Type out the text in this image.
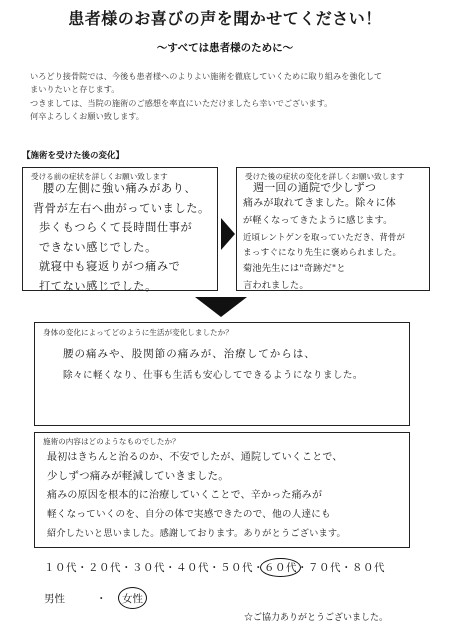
患者様のお喜びの声を聞かせてください！
～すべては患者様のために～

いろどり接骨院では、今後も患者様へのよりよい施術を徹底していくために取り組みを強化して

まいりたいと存じます。

つきましては、当院の施術のご感想を率直にいただけましたら幸いでございます。

何卒よろしくお願い致します。

【施術を受けた後の変化】
受ける前の症状を詳しくお願い致します
腰の左側に強い痛みがあり、
背骨が左右へ曲がっていました。
歩くもつらくて長時間仕事が
できない感じでした。
就寝中も寝返りがつ痛みで
打てない感じでした。
受けた後の症状の変化を詳しくお願い致します
週一回の通院で少しずつ
痛みが取れてきました。除々に体
が軽くなってきたように感じます。
近頃レントゲンを取っていただき、背骨が
まっすぐになり先生に褒められました。
菊池先生には"奇跡だ"と
言われました。
身体の変化によってどのように生活が変化しましたか？
腰の痛みや、股関節の痛みが、治療してからは、
除々に軽くなり、仕事も生活も安心してできるようになりました。
施術の内容はどのようなものでしたか？
最初はきちんと治るのか、不安でしたが、通院していくことで、
少しずつ痛みが軽減していきました。
痛みの原因を根本的に治療していくことで、辛かった痛みが
軽くなっていくのを、自分の体で実感できたので、他の人達にも
紹介したいと思いました。感謝しております。ありがとうございます。
１０代・２０代・３０代・４０代・５０代・６０代・７０代・８０代
男性	・ 女性
☆ご協力ありがとうございました。
